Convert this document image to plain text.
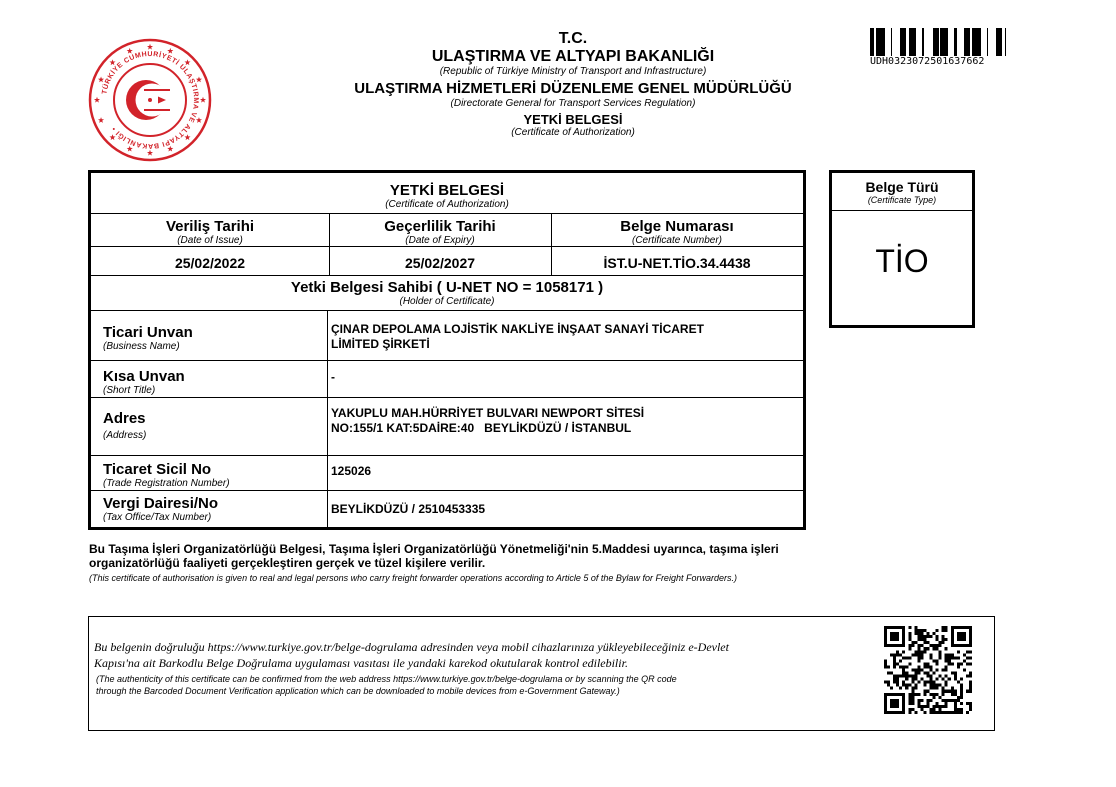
TÜRKİYE CUMHURİYETİ ULAŞTIRMA VE ALTYAPI BAKANLIĞI •
T.C.
ULAŞTIRMA VE ALTYAPI BAKANLIĞI
(Republic of Türkiye Ministry of Transport and Infrastructure)
ULAŞTIRMA HİZMETLERİ DÜZENLEME GENEL MÜDÜRLÜĞÜ
(Directorate General for Transport Services Regulation)
YETKİ BELGESİ
(Certificate of Authorization)
UDH0323072501637662
YETKİ BELGESİ
(Certificate of Authorization)
Veriliş Tarihi
(Date of Issue)
Geçerlilik Tarihi
(Date of Expiry)
Belge Numarası
(Certificate Number)
25/02/2022	25/02/2027	İST.U-NET.TİO.34.4438
Yetki Belgesi Sahibi ( U-NET NO = 1058171 )
(Holder of Certificate)
Ticari Unvan
(Business Name)
ÇINAR DEPOLAMA LOJİSTİK NAKLİYE İNŞAAT SANAYİ TİCARET
LİMİTED ŞİRKETİ
Kısa Unvan
(Short Title)
-
Adres
(Address)
YAKUPLU MAH.HÜRRİYET BULVARI NEWPORT SİTESİ
NO:155/1 KAT:5DAİRE:40   BEYLİKDÜZÜ / İSTANBUL
Ticaret Sicil No
(Trade Registration Number)
125026
Vergi Dairesi/No
(Tax Office/Tax Number)
BEYLİKDÜZÜ / 2510453335
Belge Türü
(Certificate Type)
TİO
Bu Taşıma İşleri Organizatörlüğü Belgesi, Taşıma İşleri Organizatörlüğü Yönetmeliği'nin 5.Maddesi uyarınca, taşıma işleri
organizatörlüğü faaliyeti gerçekleştiren gerçek ve tüzel kişilere verilir.
(This certificate of authorisation is given to real and legal persons who carry freight forwarder operations according to Article 5 of the Bylaw for Freight Forwarders.)
Bu belgenin doğruluğu https://www.turkiye.gov.tr/belge-dogrulama adresinden veya mobil cihazlarınıza yükleyebileceğiniz e-Devlet
Kapısı'na ait Barkodlu Belge Doğrulama uygulaması vasıtası ile yandaki karekod okutularak kontrol edilebilir.
(The authenticity of this certificate can be confirmed from the web address https://www.turkiye.gov.tr/belge-dogrulama or by scanning the QR code
through the Barcoded Document Verification application which can be downloaded to mobile devices from e-Government Gateway.)
